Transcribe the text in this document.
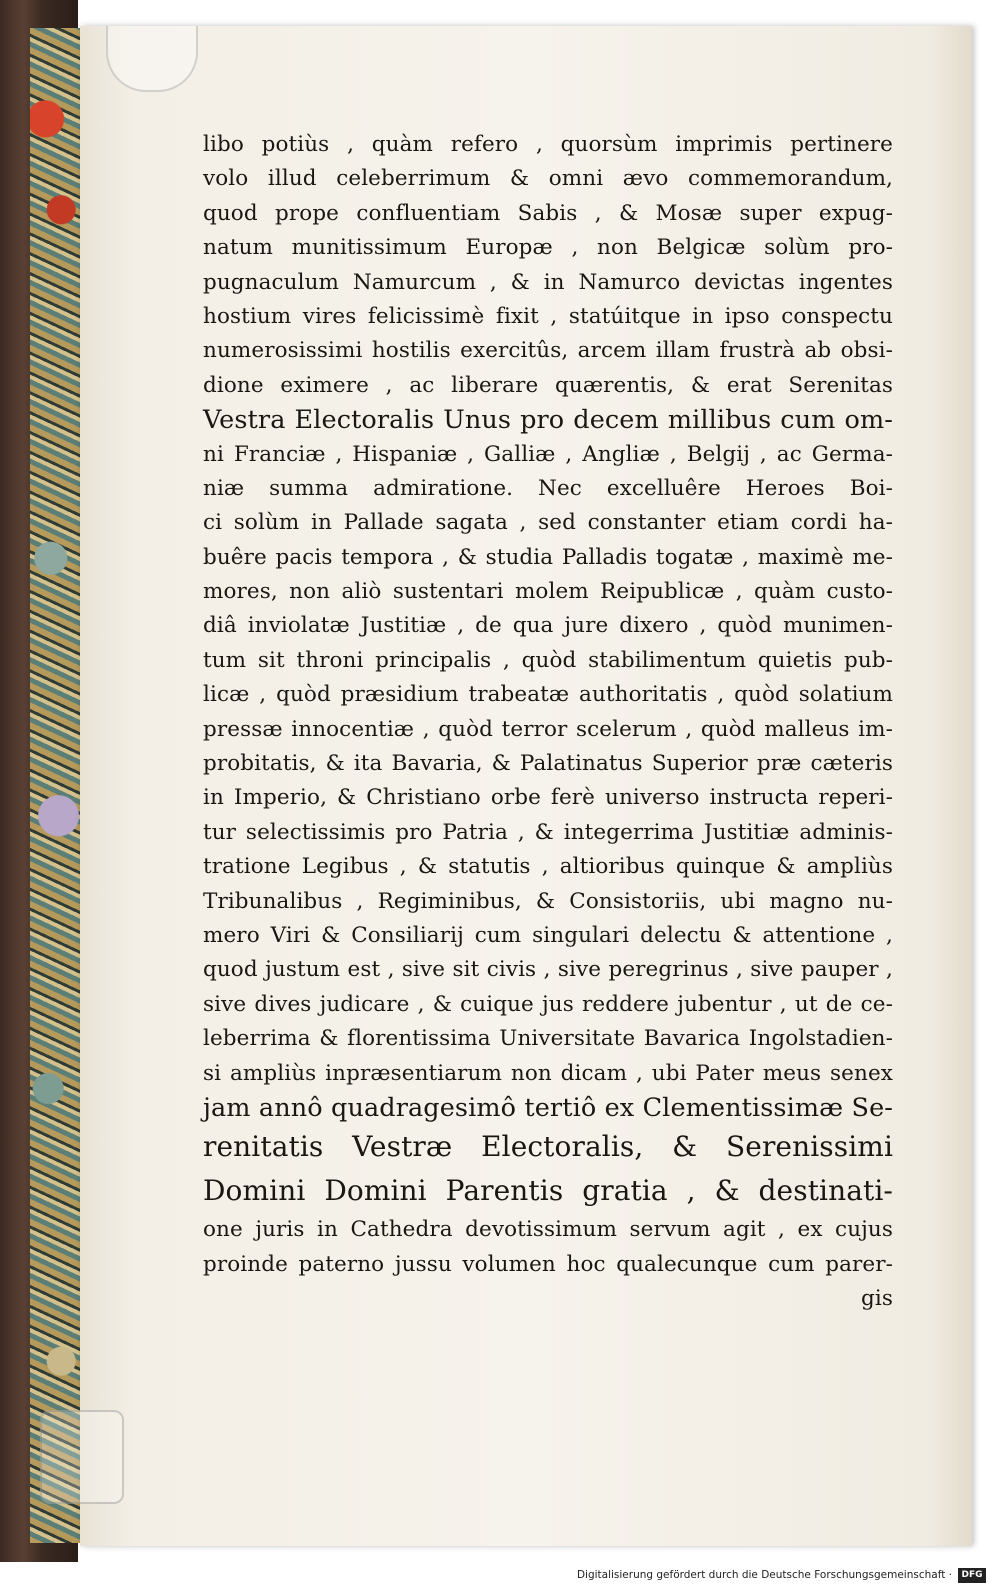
libo potiùs , quàm refero , quorsùm imprimis pertinere
volo illud celeberrimum & omni ævo commemorandum,
quod prope confluentiam Sabis , & Mosæ super expug-
natum munitissimum Europæ , non Belgicæ solùm pro-
pugnaculum Namurcum , & in Namurco devictas ingentes
hostium vires felicissimè fixit , statúitque in ipso conspectu
numerosissimi hostilis exercitûs, arcem illam frustrà ab obsi-
dione eximere , ac liberare quærentis, & erat Serenitas
Vestra Electoralis Unus pro decem millibus cum om-
ni Franciæ , Hispaniæ , Galliæ , Angliæ , Belgij , ac Germa-
niæ summa admiratione. Nec excelluêre Heroes Boi-
ci solùm in Pallade sagata , sed constanter etiam cordi ha-
buêre pacis tempora , & studia Palladis togatæ , maximè me-
mores, non aliò sustentari molem Reipublicæ , quàm custo-
diâ inviolatæ Justitiæ , de qua jure dixero , quòd munimen-
tum sit throni principalis , quòd stabilimentum quietis pub-
licæ , quòd præsidium trabeatæ authoritatis , quòd solatium
pressæ innocentiæ , quòd terror scelerum , quòd malleus im-
probitatis, & ita Bavaria, & Palatinatus Superior præ cæteris
in Imperio, & Christiano orbe ferè universo instructa reperi-
tur selectissimis pro Patria , & integerrima Justitiæ adminis-
tratione Legibus , & statutis , altioribus quinque & ampliùs
Tribunalibus , Regiminibus, & Consistoriis, ubi magno nu-
mero Viri & Consiliarij cum singulari delectu & attentione ,
quod justum est , sive sit civis , sive peregrinus , sive pauper ,
sive dives judicare , & cuique jus reddere jubentur , ut de ce-
leberrima & florentissima Universitate Bavarica Ingolstadien-
si ampliùs inpræsentiarum non dicam , ubi Pater meus senex
jam annô quadragesimô tertiô ex Clementissimæ Se-
renitatis Vestræ Electoralis, & Serenissimi
Domini Domini Parentis gratia , & destinati-
one juris in Cathedra devotissimum servum agit , ex cujus
proinde paterno jussu volumen hoc qualecunque cum parer-
gis
Digitalisierung gefördert durch die Deutsche Forschungsgemeinschaft ·	DFG
